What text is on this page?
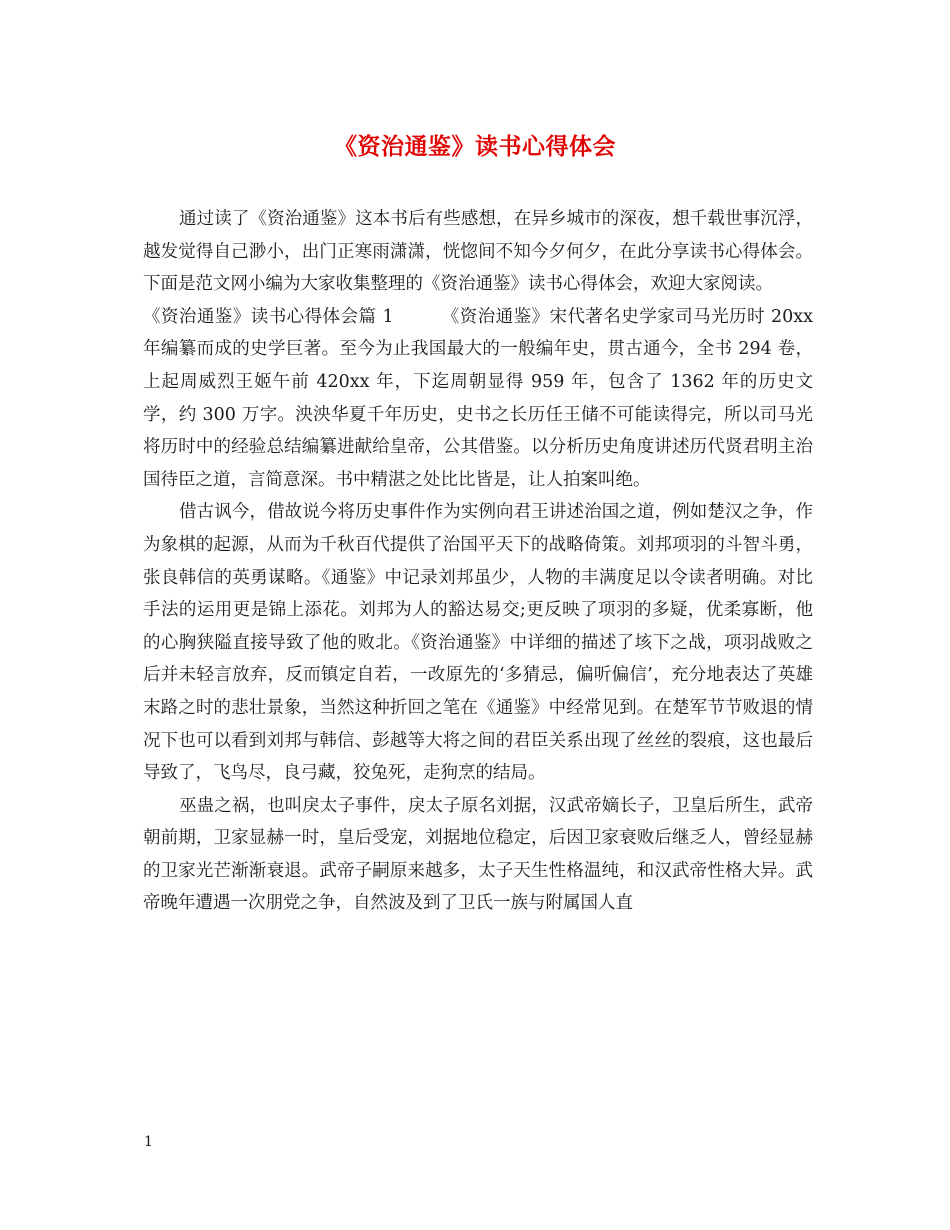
《资治通鉴》读书心得体会

通过读了《资治通鉴》这本书后有些感想，在异乡城市的深夜，想千载世事沉浮，越发觉得自己渺小，出门正寒雨潇潇，恍惚间不知今夕何夕，在此分享读书心得体会。下面是范文网小编为大家收集整理的《资治通鉴》读书心得体会，欢迎大家阅读。

《资治通鉴》读书心得体会篇 1	《资治通鉴》宋代著名史学家司马光历时 20xx 年编纂而成的史学巨著。至今为止我国最大的一般编年史，贯古通今，全书 294 卷，上起周威烈王姬午前 420xx 年，下迄周朝显得 959 年，包含了 1362 年的历史文学，约 300 万字。泱泱华夏千年历史，史书之长历任王储不可能读得完，所以司马光将历时中的经验总结编纂进献给皇帝，公其借鉴。以分析历史角度讲述历代贤君明主治国待臣之道，言简意深。书中精湛之处比比皆是，让人拍案叫绝。

借古讽今，借故说今将历史事件作为实例向君王讲述治国之道，例如楚汉之争，作为象棋的起源，从而为千秋百代提供了治国平天下的战略倚策。刘邦项羽的斗智斗勇，张良韩信的英勇谋略。《通鉴》中记录刘邦虽少，人物的丰满度足以令读者明确。对比手法的运用更是锦上添花。刘邦为人的豁达易交;更反映了项羽的多疑，优柔寡断，他的心胸狭隘直接导致了他的败北。《资治通鉴》中详细的描述了垓下之战，项羽战败之后并未轻言放弃，反而镇定自若，一改原先的‘多猜忌，偏听偏信’，充分地表达了英雄末路之时的悲壮景象，当然这种折回之笔在《通鉴》中经常见到。在楚军节节败退的情况下也可以看到刘邦与韩信、彭越等大将之间的君臣关系出现了丝丝的裂痕，这也最后导致了，飞鸟尽，良弓藏，狡兔死，走狗烹的结局。

巫蛊之祸，也叫戾太子事件，戾太子原名刘据，汉武帝嫡长子，卫皇后所生，武帝朝前期，卫家显赫一时，皇后受宠，刘据地位稳定，后因卫家衰败后继乏人，曾经显赫的卫家光芒渐渐衰退。武帝子嗣原来越多，太子天生性格温纯，和汉武帝性格大异。武帝晚年遭遇一次朋党之争，自然波及到了卫氏一族与附属国人直

1
